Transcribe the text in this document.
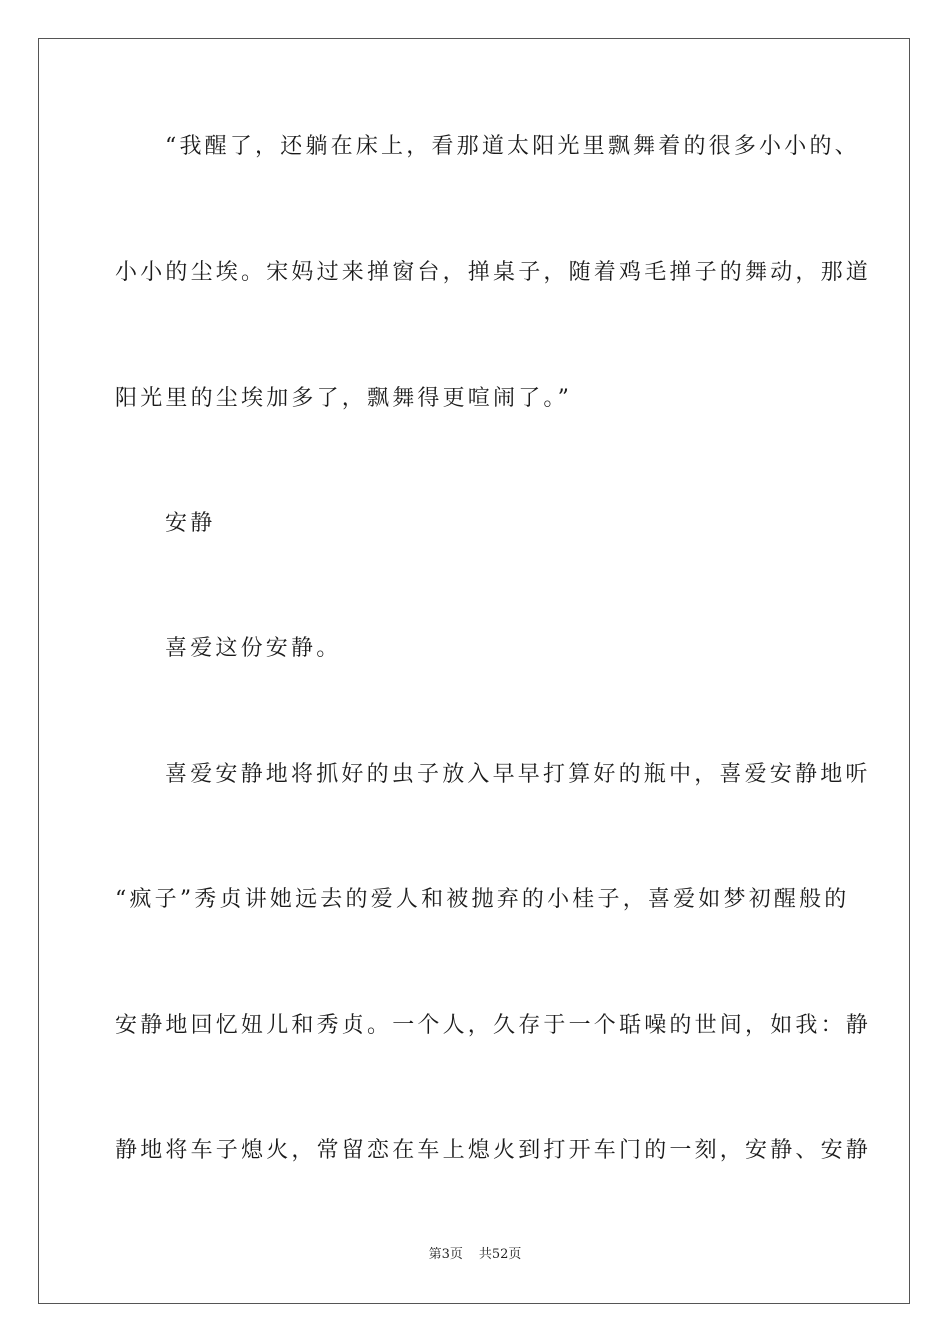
“我醒了，还躺在床上，看那道太阳光里飘舞着的很多小小的、
小小的尘埃。宋妈过来掸窗台，掸桌子，随着鸡毛掸子的舞动，那道
阳光里的尘埃加多了，飘舞得更喧闹了。”
安静
喜爱这份安静。
喜爱安静地将抓好的虫子放入早早打算好的瓶中，喜爱安静地听
“疯子”秀贞讲她远去的爱人和被抛弃的小桂子，喜爱如梦初醒般的
安静地回忆妞儿和秀贞。一个人，久存于一个聒噪的世间，如我：静
静地将车子熄火，常留恋在车上熄火到打开车门的一刻，安静、安静
第3页 共52页
